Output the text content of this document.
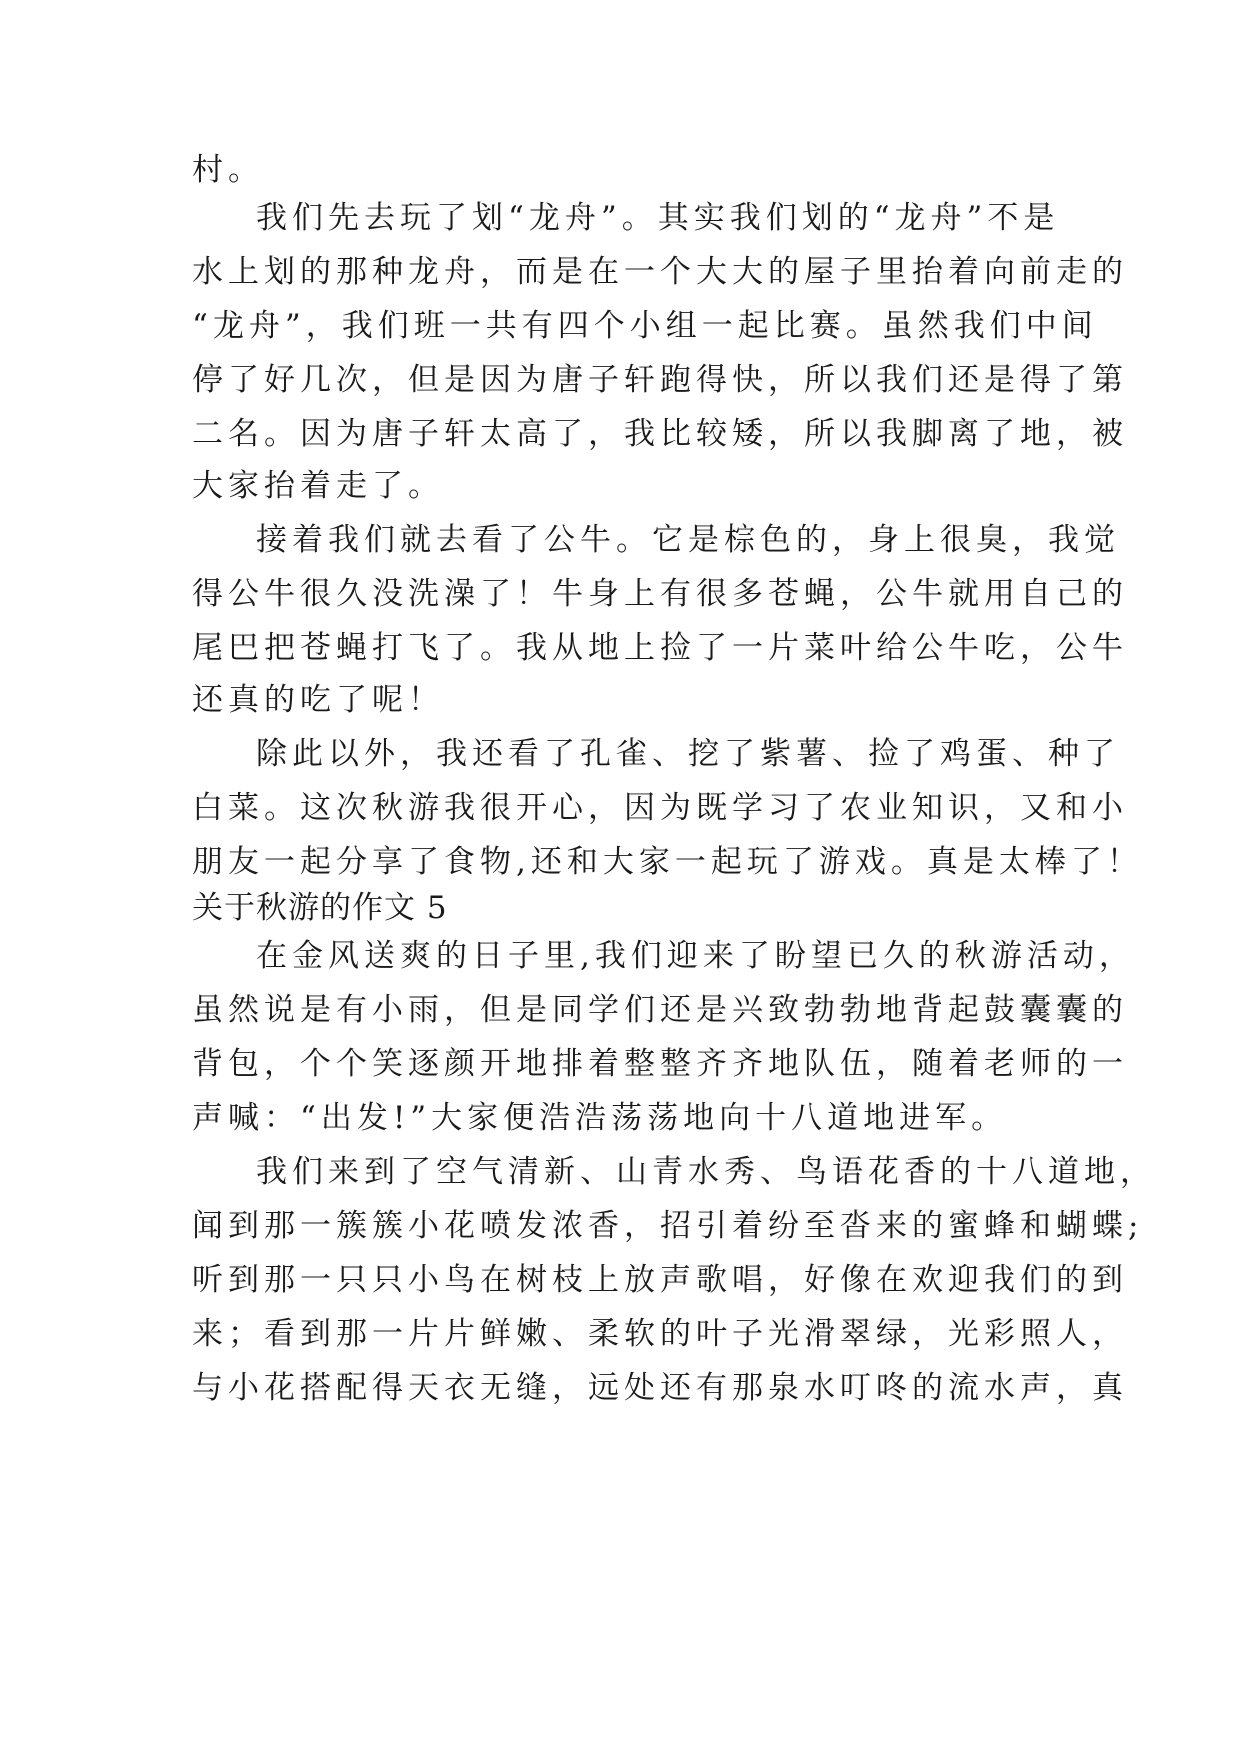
村。
我们先去玩了划“龙舟”。其实我们划的“龙舟”不是
水上划的那种龙舟，而是在一个大大的屋子里抬着向前走的
“龙舟”，我们班一共有四个小组一起比赛。虽然我们中间
停了好几次，但是因为唐子轩跑得快，所以我们还是得了第
二名。因为唐子轩太高了，我比较矮，所以我脚离了地，被
大家抬着走了。
接着我们就去看了公牛。它是棕色的，身上很臭，我觉
得公牛很久没洗澡了！牛身上有很多苍蝇，公牛就用自己的
尾巴把苍蝇打飞了。我从地上捡了一片菜叶给公牛吃，公牛
还真的吃了呢！
除此以外，我还看了孔雀、挖了紫薯、捡了鸡蛋、种了
白菜。这次秋游我很开心，因为既学习了农业知识，又和小
朋友一起分享了食物,还和大家一起玩了游戏。真是太棒了！
关于秋游的作文 5
在金风送爽的日子里,我们迎来了盼望已久的秋游活动，
虽然说是有小雨，但是同学们还是兴致勃勃地背起鼓囊囊的
背包，个个笑逐颜开地排着整整齐齐地队伍，随着老师的一
声喊：“出发!”大家便浩浩荡荡地向十八道地进军。
我们来到了空气清新、山青水秀、鸟语花香的十八道地，
闻到那一簇簇小花喷发浓香，招引着纷至沓来的蜜蜂和蝴蝶;
听到那一只只小鸟在树枝上放声歌唱，好像在欢迎我们的到
来；看到那一片片鲜嫩、柔软的叶子光滑翠绿，光彩照人，
与小花搭配得天衣无缝，远处还有那泉水叮咚的流水声，真
